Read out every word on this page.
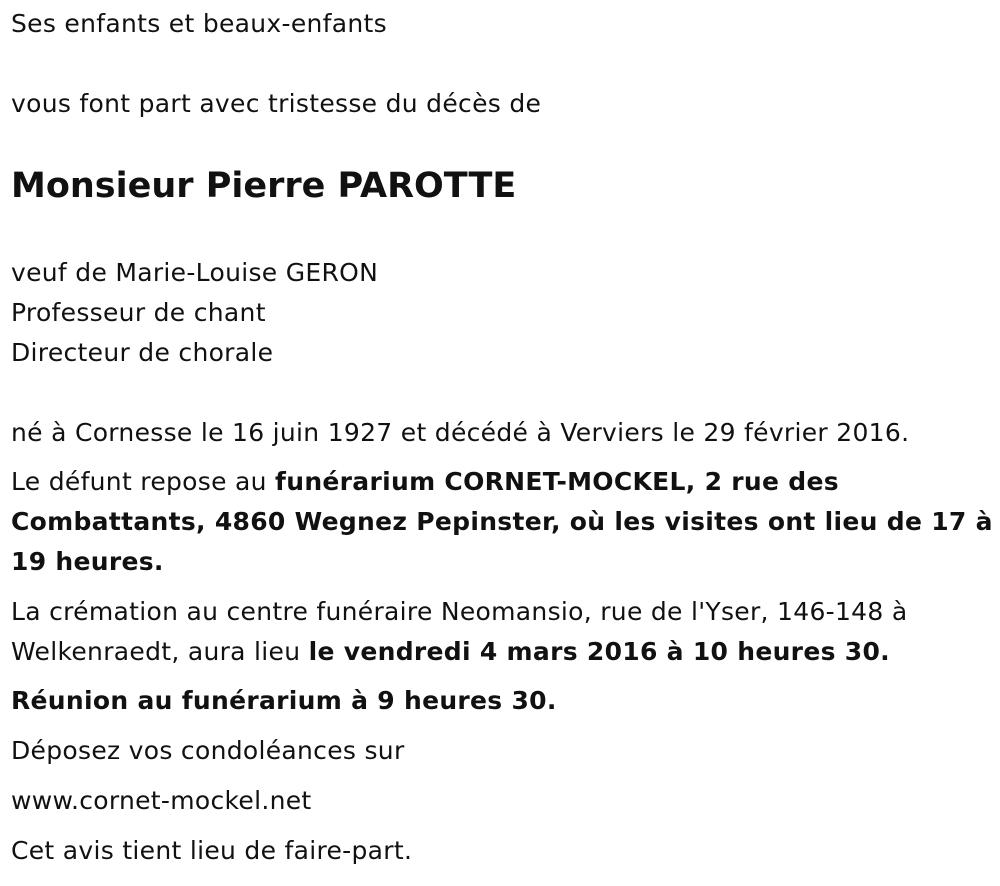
Ses enfants et beaux-enfants
vous font part avec tristesse du décès de
Monsieur Pierre PAROTTE
veuf de Marie-Louise GERON
Professeur de chant
Directeur de chorale
né à Cornesse le 16 juin 1927 et décédé à Verviers le 29 février 2016.
Le défunt repose au funérarium CORNET-MOCKEL, 2 rue des Combattants, 4860 Wegnez Pepinster, où les visites ont lieu de 17 à 19 heures.
La crémation au centre funéraire Neomansio, rue de l'Yser, 146-148 à Welkenraedt, aura lieu le vendredi 4 mars 2016 à 10 heures 30.
Réunion au funérarium à 9 heures 30.
Déposez vos condoléances sur
www.cornet-mockel.net
Cet avis tient lieu de faire-part.
